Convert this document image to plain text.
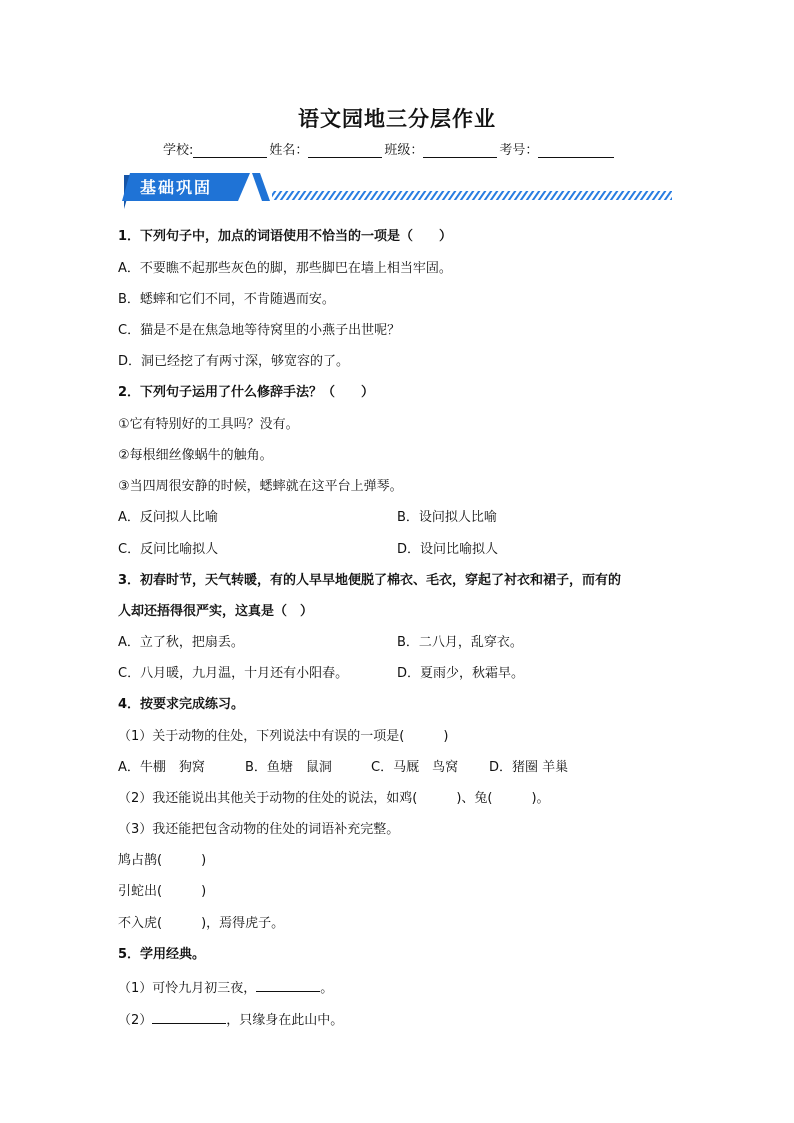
语文园地三分层作业
学校:	姓名：	班级：	考号：
基础巩固
1．下列句子中，加点的词语使用不恰当的一项是（　　）
A．不要瞧不起那些灰色的脚，那些脚巴在墙上相当牢固。
B．蟋蟀和它们不同，不肯随遇而安。
C．猫是不是在焦急地等待窝里的小燕子出世呢？
D．洞已经挖了有两寸深，够宽容的了。
2．下列句子运用了什么修辞手法？（　　）
①它有特别好的工具吗？没有。
②每根细丝像蜗牛的触角。
③当四周很安静的时候，蟋蟀就在这平台上弹琴。
A．反问拟人比喻	B．设问拟人比喻
C．反问比喻拟人	D．设问比喻拟人
3．初春时节，天气转暖，有的人早早地便脱了棉衣、毛衣，穿起了衬衣和裙子，而有的
人却还捂得很严实，这真是（　）
A．立了秋，把扇丢。	B．二八月，乱穿衣。
C．八月暖，九月温，十月还有小阳春。	D．夏雨少，秋霜早。
4．按要求完成练习。
（1）关于动物的住处，下列说法中有误的一项是(　　　)
A．牛棚　狗窝	B．鱼塘　鼠洞	C．马厩　鸟窝 D．猪圈 羊巢
（2）我还能说出其他关于动物的住处的说法，如鸡(　　　)、兔(　　　)。
（3）我还能把包含动物的住处的词语补充完整。
鸠占鹊(　　　)
引蛇出(　　　)
不入虎(　　　)，焉得虎子。
5．学用经典。
（1）可怜九月初三夜，	。
（2）	，只缘身在此山中。
